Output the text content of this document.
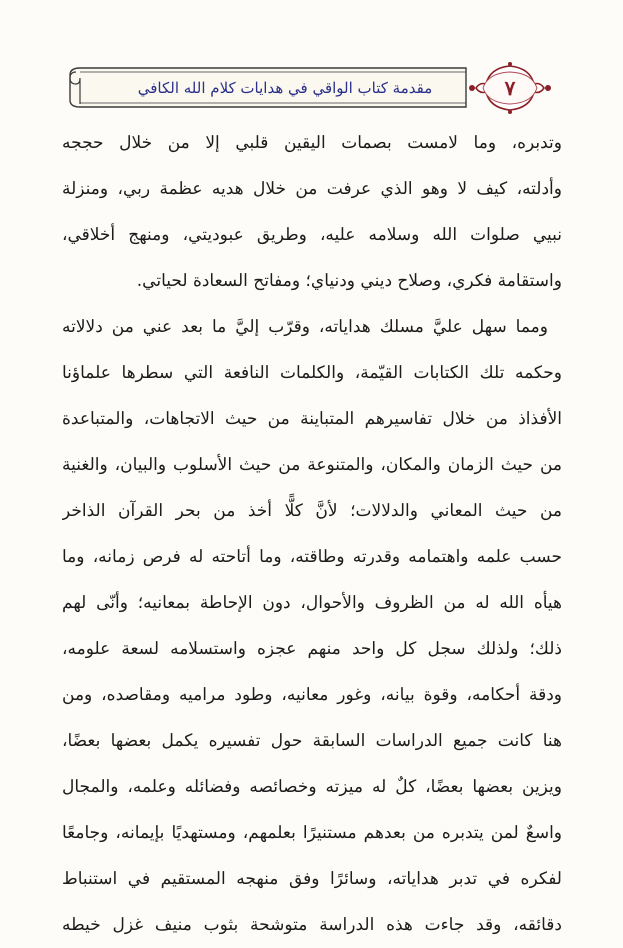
مقدمة كتاب الواقي في هدايات كلام الله الكافي	٧
وتدبره، وما لامست بصمات اليقين قلبي إلا من خلال حججه
وأدلته، كيف لا وهو الذي عرفت من خلال هديه عظمة ربي، ومنزلة
نبيي صلوات الله وسلامه عليه، وطريق عبوديتي، ومنهج أخلاقي،
واستقامة فكري، وصلاح ديني ودنياي؛ ومفاتح السعادة لحياتي.
ومما سهل عليَّ مسلك هداياته، وقرّب إليَّ ما بعد عني من دلالاته
وحكمه تلك الكتابات القيّمة، والكلمات النافعة التي سطرها علماؤنا
الأفذاذ من خلال تفاسيرهم المتباينة من حيث الاتجاهات، والمتباعدة
من حيث الزمان والمكان، والمتنوعة من حيث الأسلوب والبيان، والغنية
من حيث المعاني والدلالات؛ لأنَّ كلًّا أخذ من بحر القرآن الذاخر
حسب علمه واهتمامه وقدرته وطاقته، وما أتاحته له فرص زمانه، وما
هيأه الله له من الظروف والأحوال، دون الإحاطة بمعانيه؛ وأنّى لهم
ذلك؛ ولذلك سجل كل واحد منهم عجزه واستسلامه لسعة علومه،
ودقة أحكامه، وقوة بيانه، وغور معانيه، وطود مراميه ومقاصده، ومن
هنا كانت جميع الدراسات السابقة حول تفسيره يكمل بعضها بعضًا،
ويزين بعضها بعضًا، كلٌ له ميزته وخصائصه وفضائله وعلمه، والمجال
واسعٌ لمن يتدبره من بعدهم مستنيرًا بعلمهم، ومستهديًا بإيمانه، وجامعًا
لفكره في تدبر هداياته، وسائرًا وفق منهجه المستقيم في استنباط
دقائقه، وقد جاءت هذه الدراسة متوشحة بثوب منيف غزل خيطه
